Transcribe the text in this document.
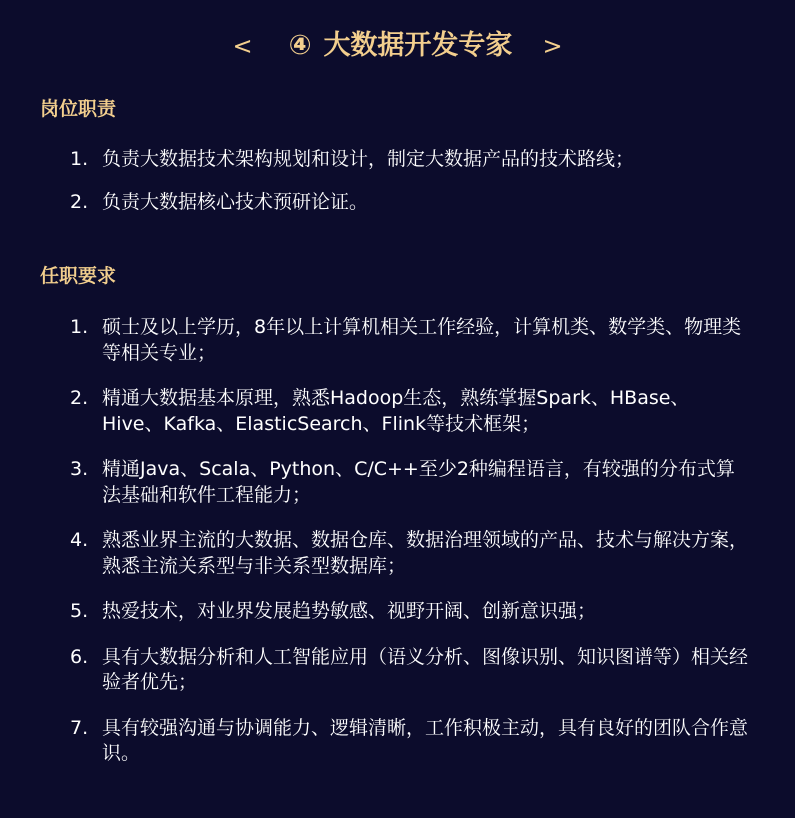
< ④ 大数据开发专家 >
岗位职责
1. 负责大数据技术架构规划和设计，制定大数据产品的技术路线；
2. 负责大数据核心技术预研论证。
任职要求
1. 硕士及以上学历，8年以上计算机相关工作经验，计算机类、数学类、物理类等相关专业；
2. 精通大数据基本原理，熟悉Hadoop生态，熟练掌握Spark、HBase、Hive、Kafka、ElasticSearch、Flink等技术框架；
3. 精通Java、Scala、Python、C/C++至少2种编程语言，有较强的分布式算法基础和软件工程能力；
4. 熟悉业界主流的大数据、数据仓库、数据治理领域的产品、技术与解决方案，熟悉主流关系型与非关系型数据库；
5. 热爱技术，对业界发展趋势敏感、视野开阔、创新意识强；
6. 具有大数据分析和人工智能应用（语义分析、图像识别、知识图谱等）相关经验者优先；
7. 具有较强沟通与协调能力、逻辑清晰，工作积极主动，具有良好的团队合作意识。
